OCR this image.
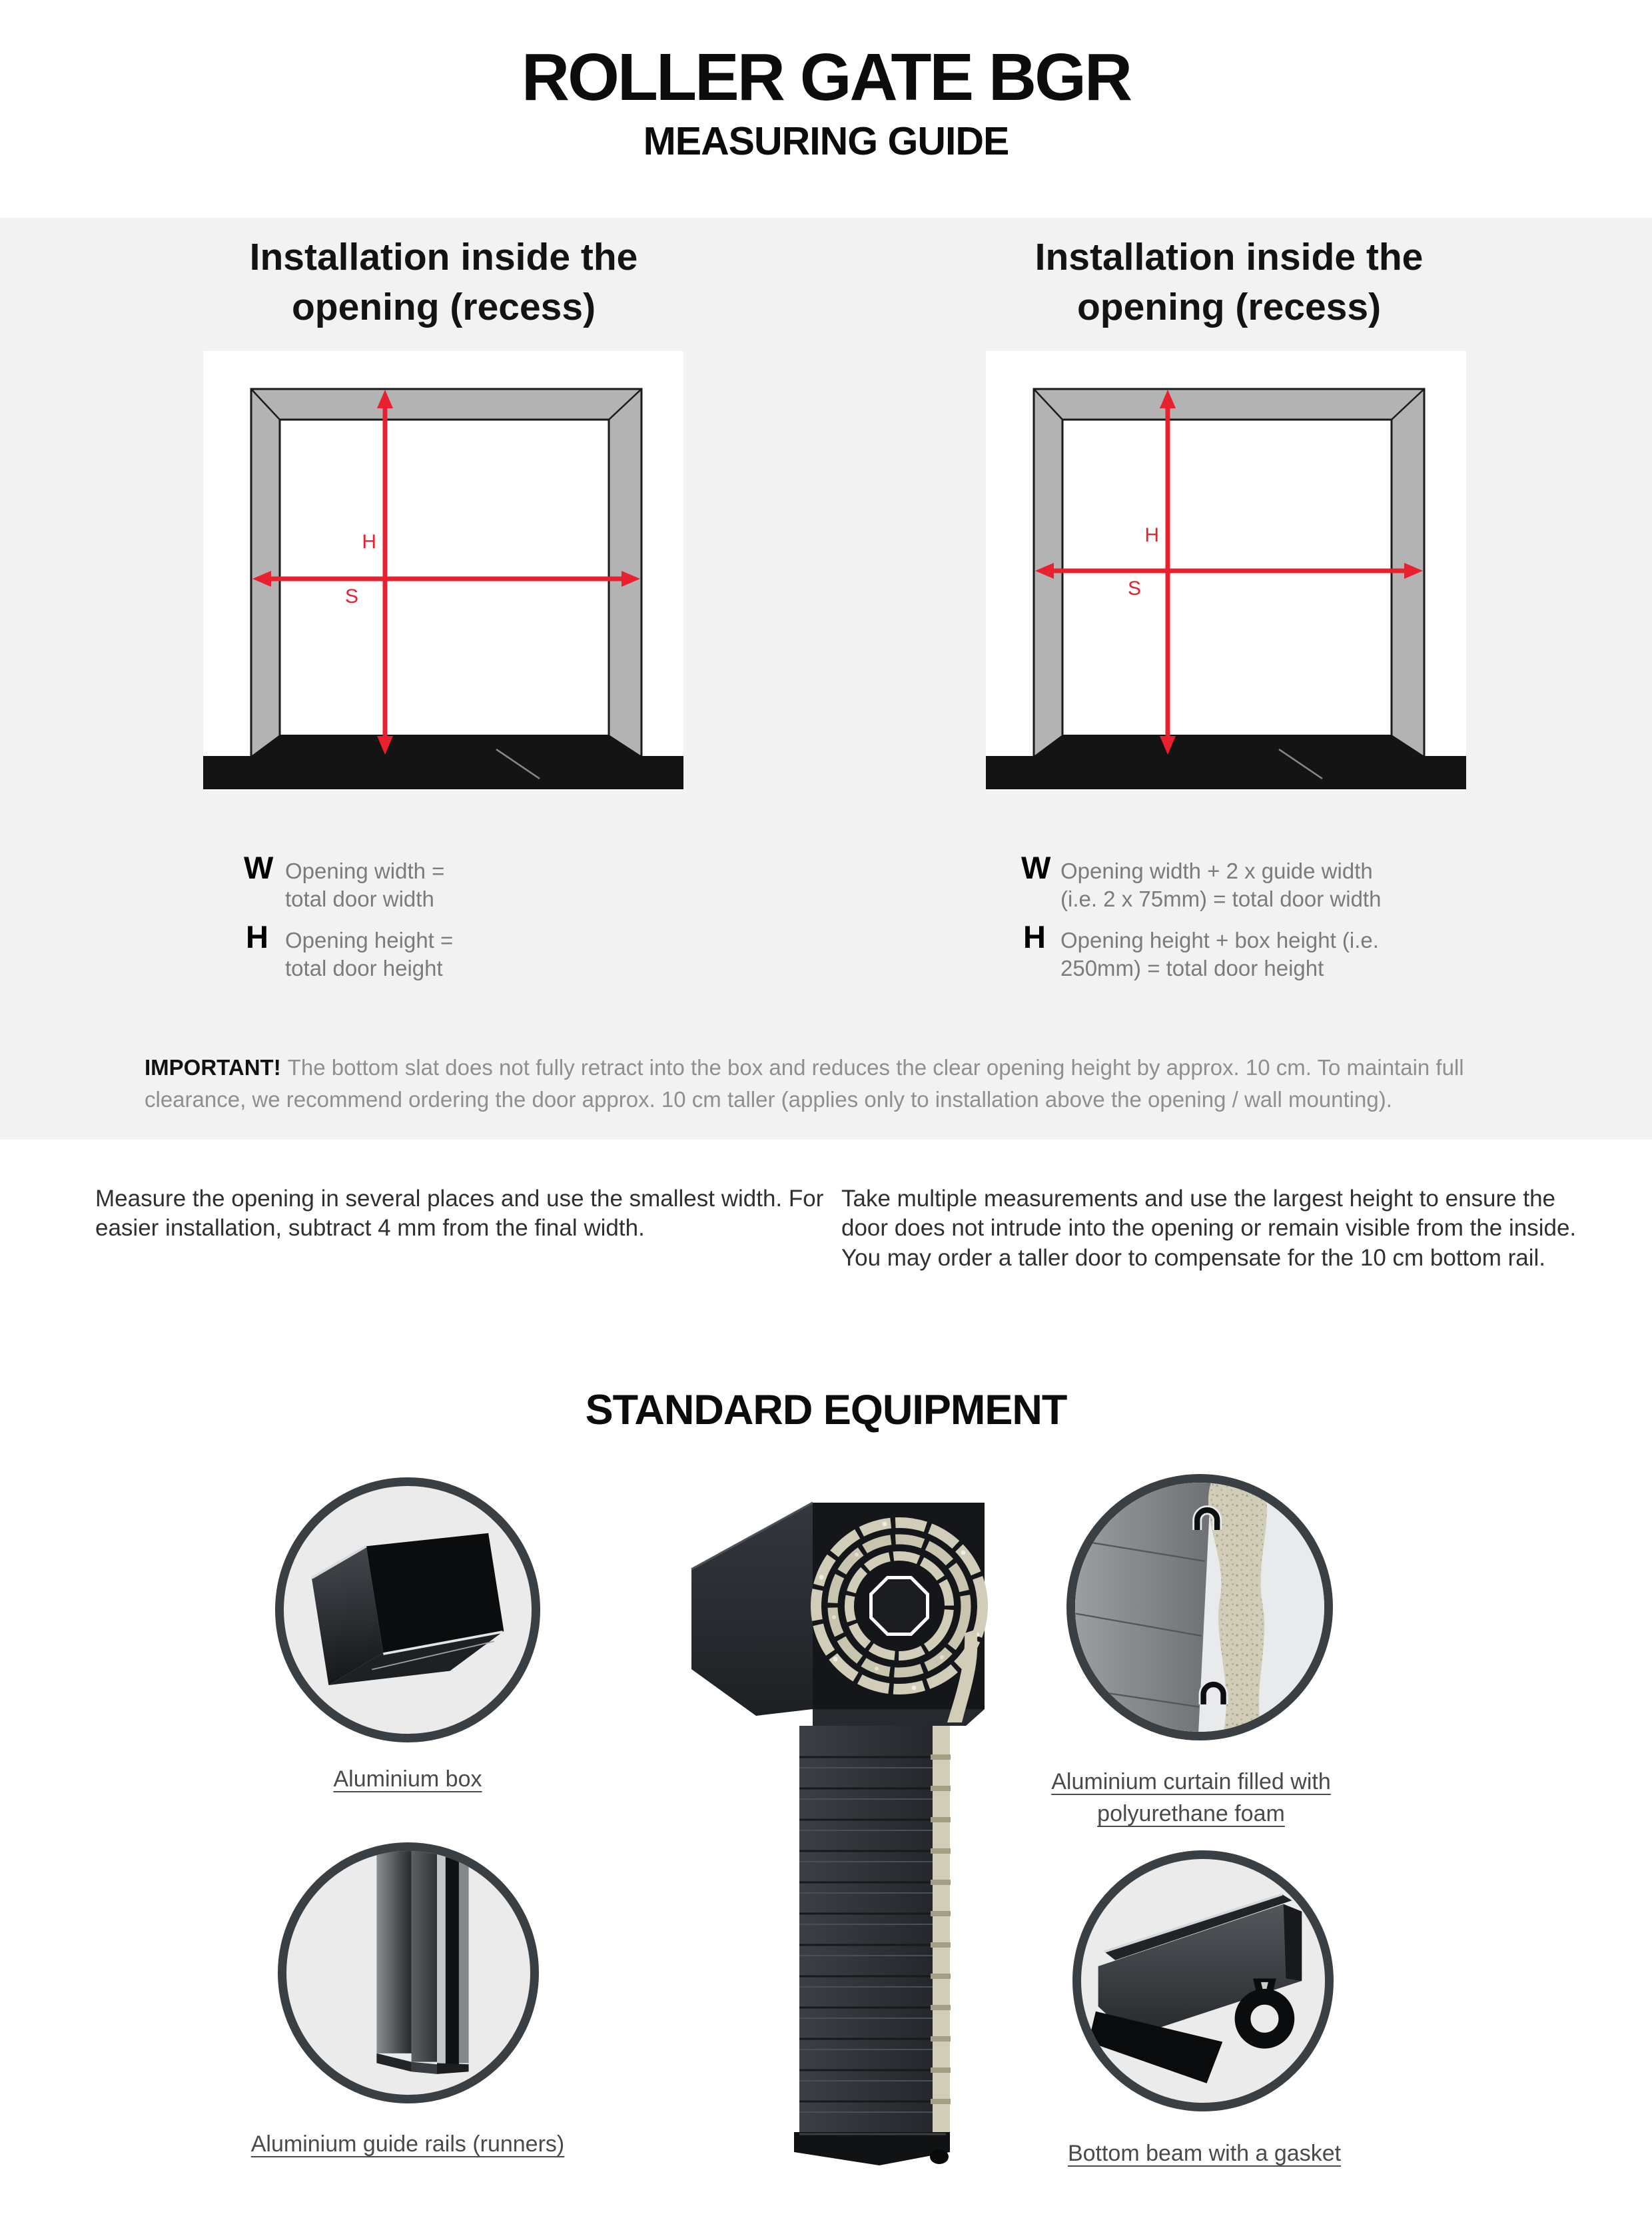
ROLLER GATE BGR
MEASURING GUIDE
Installation inside the
opening (recess)
Installation inside the
opening (recess)
H
S
H
S
W Opening width =
total door width
H Opening height =
total door height
W Opening width + 2 x guide width
(i.e. 2 x 75mm) = total door width
H Opening height + box height (i.e.
250mm) = total door height
IMPORTANT! The bottom slat does not fully retract into the box and reduces the clear opening height by approx. 10 cm. To maintain full clearance, we recommend ordering the door approx. 10 cm taller (applies only to installation above the opening / wall mounting).
Measure the opening in several places and use the smallest width. For easier installation, subtract 4 mm from the final width.
Take multiple measurements and use the largest height to ensure the door does not intrude into the opening or remain visible from the inside. You may order a taller door to compensate for the 10 cm bottom rail.
STANDARD EQUIPMENT
Aluminium box	Aluminium curtain filled with
polyurethane foam
Aluminium guide rails (runners)	Bottom beam with a gasket
